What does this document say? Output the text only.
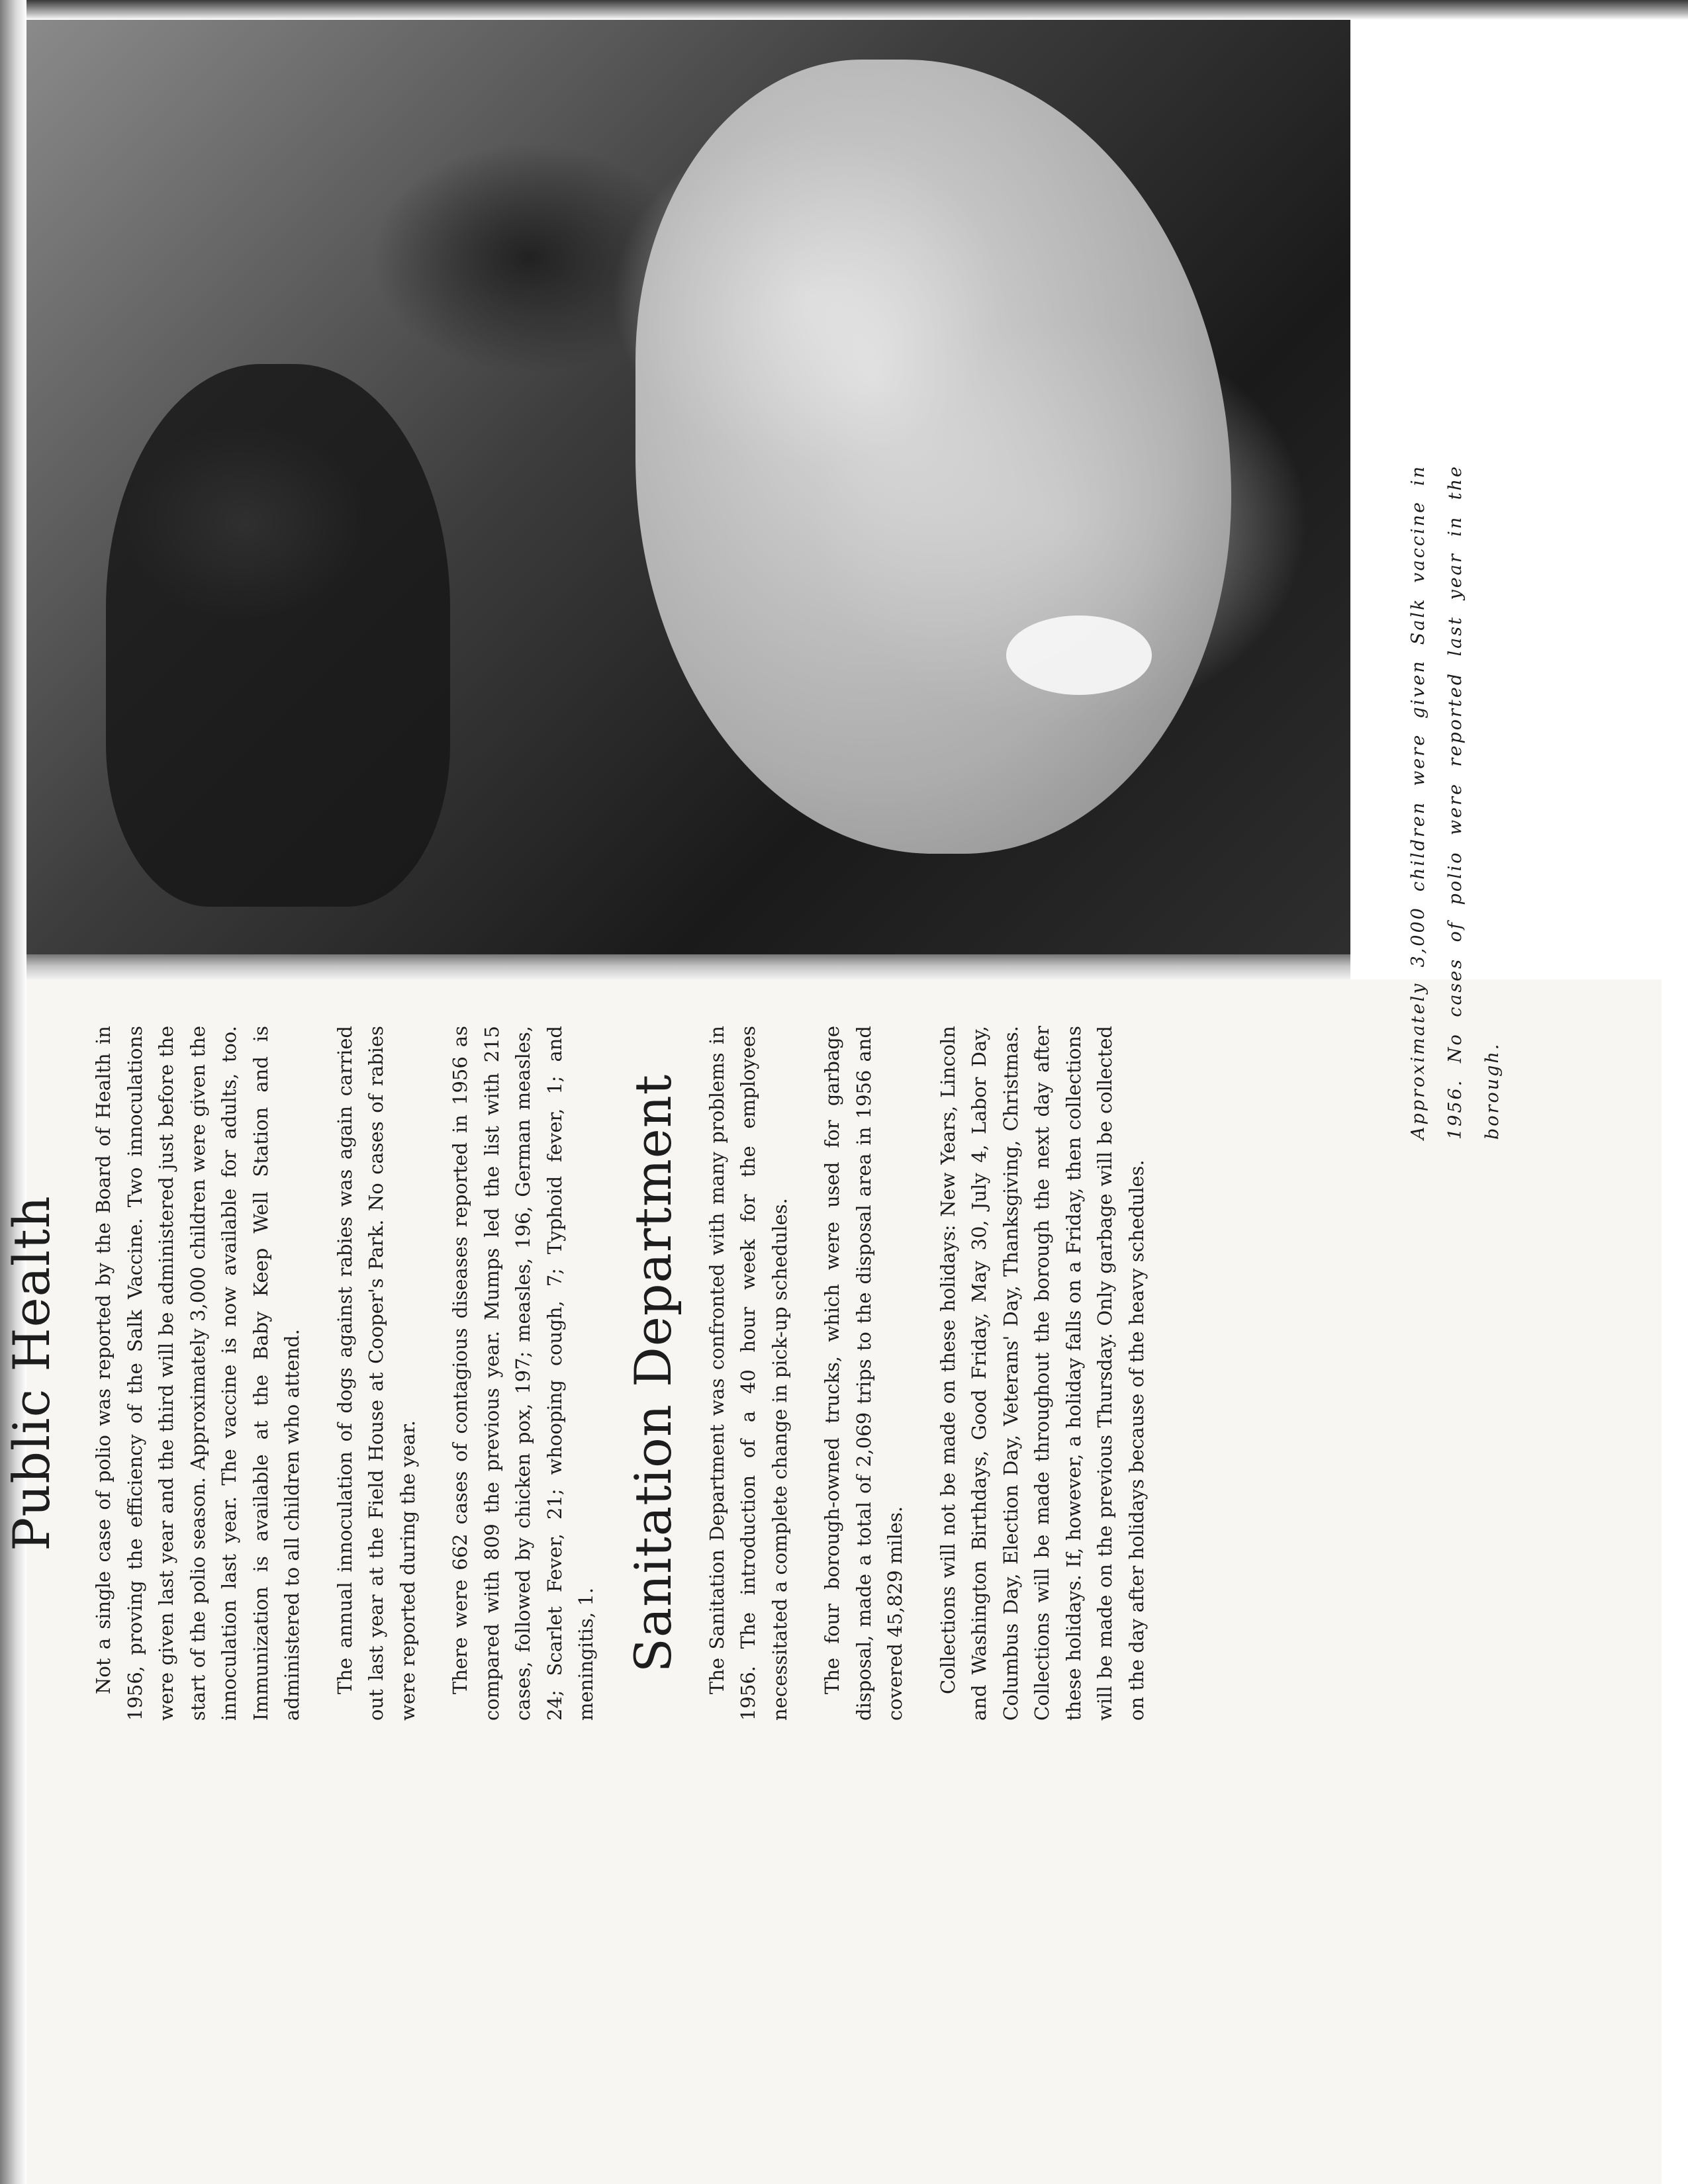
Approximately 3,000 children were given Salk vaccine in 1956. No cases of polio were reported last year in the borough.
Public Health Not a single case of polio was reported by the Board of Health in 1956, proving the efficiency of the Salk Vaccine. Two innoculations were given last year and the third will be administered just before the start of the polio season. Approximately 3,000 children were given the innoculation last year. The vaccine is now available for adults, too. Immunization is available at the Baby Keep Well Station and is administered to all children who attend. The annual innoculation of dogs against rabies was again carried out last year at the Field House at Cooper's Park. No cases of rabies were reported during the year. There were 662 cases of contagious diseases reported in 1956 as compared with 809 the previous year. Mumps led the list with 215 cases, followed by chicken pox, 197; measles, 196, German measles, 24; Scarlet Fever, 21; whooping cough, 7; Typhoid fever, 1; and meningitis, 1. Sanitation Department The Sanitation Department was confronted with many problems in 1956. The introduction of a 40 hour week for the employees necessitated a complete change in pick-up schedules. The four borough-owned trucks, which were used for garbage disposal, made a total of 2,069 trips to the disposal area in 1956 and covered 45,829 miles. Collections will not be made on these holidays: New Years, Lincoln and Washington Birthdays, Good Friday, May 30, July 4, Labor Day, Columbus Day, Election Day, Veterans' Day, Thanksgiving, Christmas. Collections will be made throughout the borough the next day after these holidays. If, however, a holiday falls on a Friday, then collections will be made on the previous Thursday. Only garbage will be collected on the day after holidays because of the heavy schedules.
